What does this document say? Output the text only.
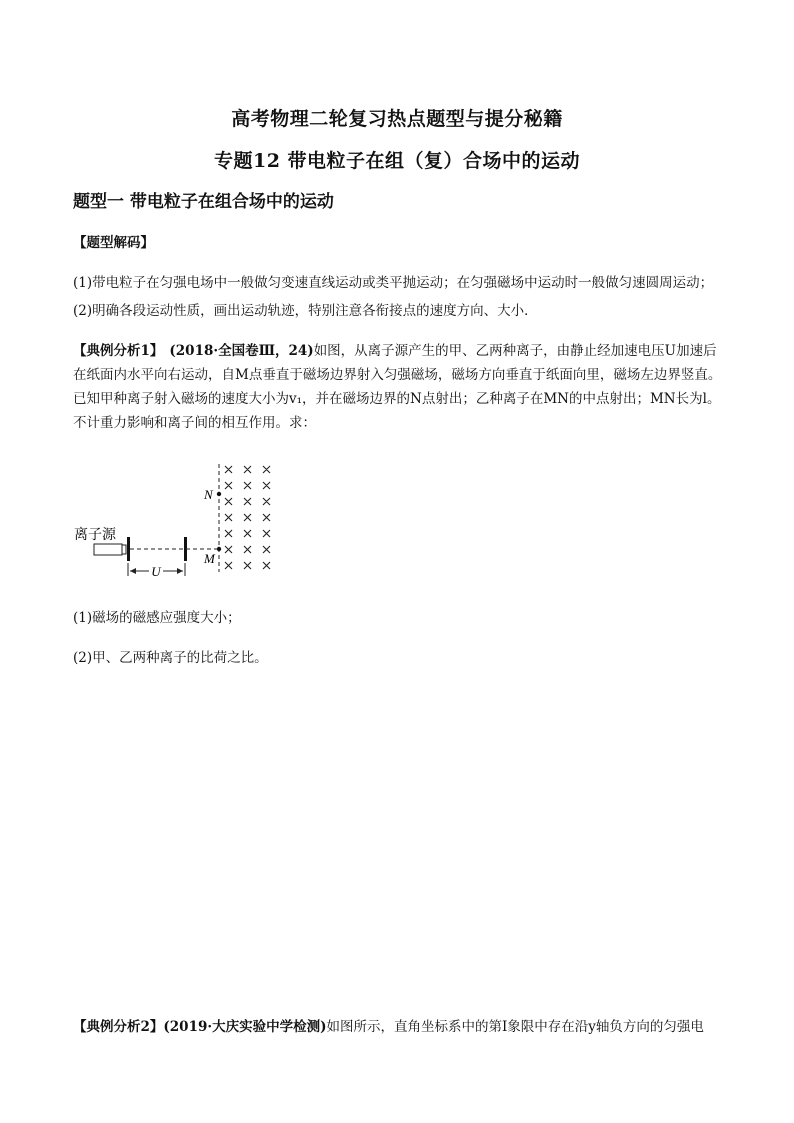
高考物理二轮复习热点题型与提分秘籍
专题12 带电粒子在组（复）合场中的运动
题型一 带电粒子在组合场中的运动
【题型解码】
(1)带电粒子在匀强电场中一般做匀变速直线运动或类平抛运动；在匀强磁场中运动时一般做匀速圆周运动；
(2)明确各段运动性质，画出运动轨迹，特别注意各衔接点的速度方向、大小．
【典例分析1】 (2018·全国卷Ⅲ，24)如图，从离子源产生的甲、乙两种离子，由静止经加速电压U加速后在纸面内水平向右运动，自M点垂直于磁场边界射入匀强磁场，磁场方向垂直于纸面向里，磁场左边界竖直。已知甲种离子射入磁场的速度大小为v₁，并在磁场边界的N点射出；乙种离子在MN的中点射出；MN长为l。不计重力影响和离子间的相互作用。求：
U
离子源
N
M
(1)磁场的磁感应强度大小；
(2)甲、乙两种离子的比荷之比。
【典例分析2】(2019·大庆实验中学检测)如图所示，直角坐标系中的第Ⅰ象限中存在沿y轴负方向的匀强电
